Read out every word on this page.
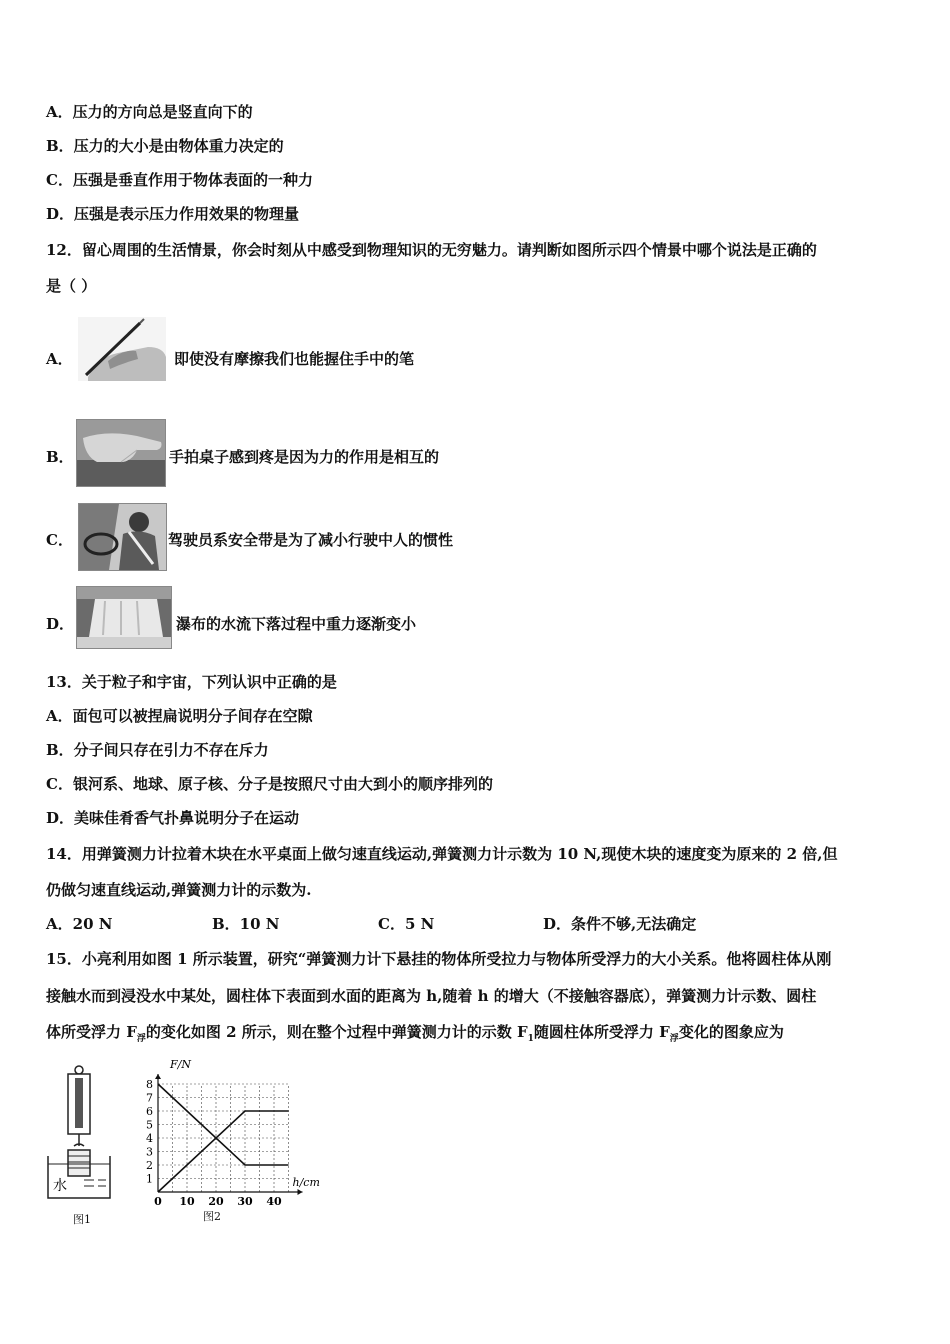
A．压力的方向总是竖直向下的
B．压力的大小是由物体重力决定的
C．压强是垂直作用于物体表面的一种力
D．压强是表示压力作用效果的物理量
12．留心周围的生活情景，你会时刻从中感受到物理知识的无穷魅力。请判断如图所示四个情景中哪个说法是正确的
是（ ）
A．	即使没有摩擦我们也能握住手中的笔
B．	手拍桌子感到疼是因为力的作用是相互的
C．	驾驶员系安全带是为了减小行驶中人的惯性
D．	瀑布的水流下落过程中重力逐渐变小
13．关于粒子和宇宙，下列认识中正确的是
A．面包可以被捏扁说明分子间存在空隙
B．分子间只存在引力不存在斥力
C．银河系、地球、原子核、分子是按照尺寸由大到小的顺序排列的
D．美味佳肴香气扑鼻说明分子在运动
14．用弹簧测力计拉着木块在水平桌面上做匀速直线运动,弹簧测力计示数为 10 N,现使木块的速度变为原来的 2 倍,但
仍做匀速直线运动,弹簧测力计的示数为.
A．20 N	B．10 N	C．5 N	D．条件不够,无法确定
15．小亮利用如图 1 所示装置，研究“弹簧测力计下悬挂的物体所受拉力与物体所受浮力的大小关系。他将圆柱体从刚
接触水而到浸没水中某处，圆柱体下表面到水面的距离为 h,随着 h 的增大（不接触容器底），弹簧测力计示数、圆柱
体所受浮力 $F_浮$的变化如图 2 所示，则在整个过程中弹簧测力计的示数 $F_1$随圆柱体所受浮力 $F_浮$变化的图象应为
水
图1
1
2
3
4
5
6
7
8
0 10 20 30 40
F/N
h/cm
图2
